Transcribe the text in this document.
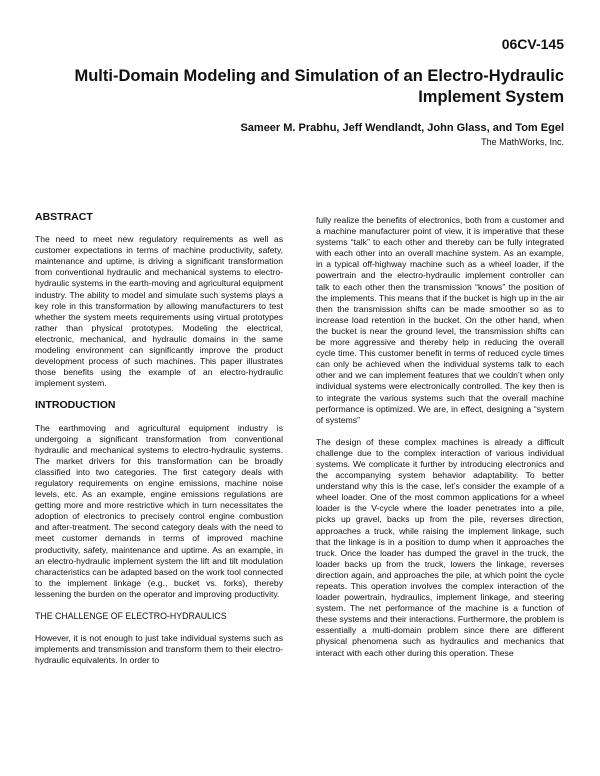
06CV-145
Multi-Domain Modeling and Simulation of an Electro-Hydraulic Implement System
Sameer M. Prabhu, Jeff Wendlandt, John Glass, and Tom Egel
The MathWorks, Inc.
ABSTRACT

The need to meet new regulatory requirements as well as customer expectations in terms of machine productivity, safety, maintenance and uptime, is driving a significant transformation from conventional hydraulic and mechanical systems to electro-hydraulic systems in the earth-moving and agricultural equipment industry. The ability to model and simulate such systems plays a key role in this transformation by allowing manufacturers to test whether the system meets requirements using virtual prototypes rather than physical prototypes. Modeling the electrical, electronic, mechanical, and hydraulic domains in the same modeling environment can significantly improve the product development process of such machines. This paper illustrates those benefits using the example of an electro-hydraulic implement system.

INTRODUCTION

The earthmoving and agricultural equipment industry is undergoing a significant transformation from conventional hydraulic and mechanical systems to electro-hydraulic systems. The market drivers for this transformation can be broadly classified into two categories. The first category deals with regulatory requirements on engine emissions, machine noise levels, etc. As an example, engine emissions regulations are getting more and more restrictive which in turn necessitates the adoption of electronics to precisely control engine combustion and after-treatment. The second category deals with the need to meet customer demands in terms of improved machine productivity, safety, maintenance and uptime. As an example, in an electro-hydraulic implement system the lift and tilt modulation characteristics can be adapted based on the work tool connected to the implement linkage (e.g., bucket vs. forks), thereby lessening the burden on the operator and improving productivity.

THE CHALLENGE OF ELECTRO-HYDRAULICS

However, it is not enough to just take individual systems such as implements and transmission and transform them to their electro-hydraulic equivalents. In order to

fully realize the benefits of electronics, both from a customer and a machine manufacturer point of view, it is imperative that these systems “talk” to each other and thereby can be fully integrated with each other into an overall machine system. As an example, in a typical off-highway machine such as a wheel loader, if the powertrain and the electro-hydraulic implement controller can talk to each other then the transmission “knows” the position of the implements. This means that if the bucket is high up in the air then the transmission shifts can be made smoother so as to increase load retention in the bucket. On the other hand, when the bucket is near the ground level, the transmission shifts can be more aggressive and thereby help in reducing the overall cycle time. This customer benefit in terms of reduced cycle times can only be achieved when the individual systems talk to each other and we can implement features that we couldn’t when only individual systems were electronically controlled. The key then is to integrate the various systems such that the overall machine performance is optimized. We are, in effect, designing a “system of systems”

The design of these complex machines is already a difficult challenge due to the complex interaction of various individual systems. We complicate it further by introducing electronics and the accompanying system behavior adaptability. To better understand why this is the case, let’s consider the example of a wheel loader. One of the most common applications for a wheel loader is the V-cycle where the loader penetrates into a pile, picks up gravel, backs up from the pile, reverses direction, approaches a truck, while raising the implement linkage, such that the linkage is in a position to dump when it approaches the truck. Once the loader has dumped the gravel in the truck, the loader backs up from the truck, lowers the linkage, reverses direction again, and approaches the pile, at which point the cycle repeats. This operation involves the complex interaction of the loader powertrain, hydraulics, implement linkage, and steering system. The net performance of the machine is a function of these systems and their interactions. Furthermore, the problem is essentially a multi-domain problem since there are different physical phenomena such as hydraulics and mechanics that interact with each other during this operation. These
